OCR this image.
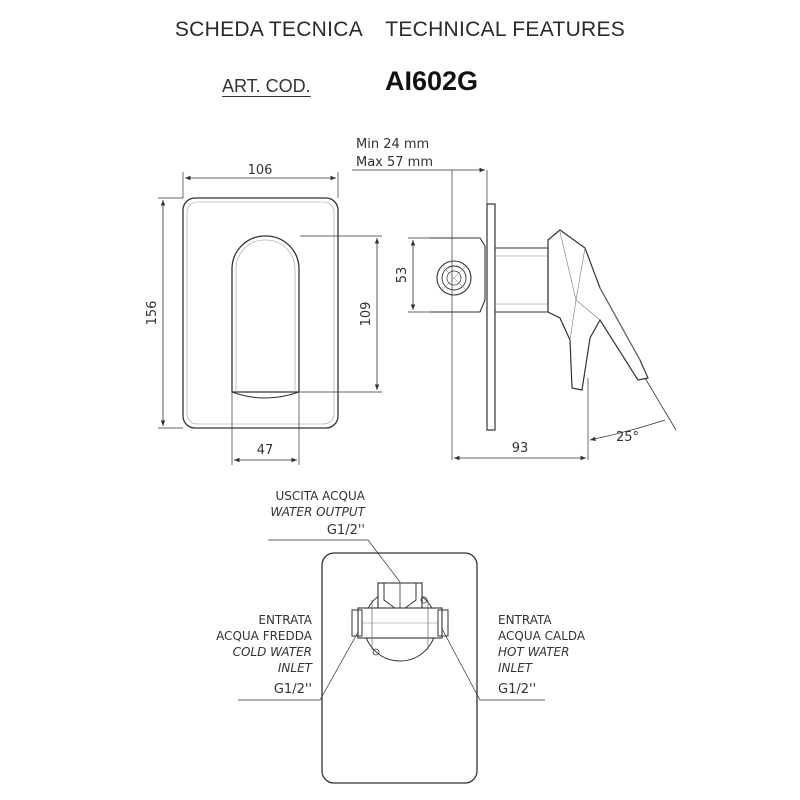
SCHEDA TECNICA TECHNICAL FEATURES
ART. COD.	AI602G
106
156	109
47
Min 24 mm
Max 57 mm
53
93
25°
USCITA ACQUA
WATER OUTPUT
G1/2''
ENTRATA
ACQUA FREDDA
COLD WATER
INLET
G1/2''
ENTRATA
ACQUA CALDA
HOT WATER
INLET
G1/2''
